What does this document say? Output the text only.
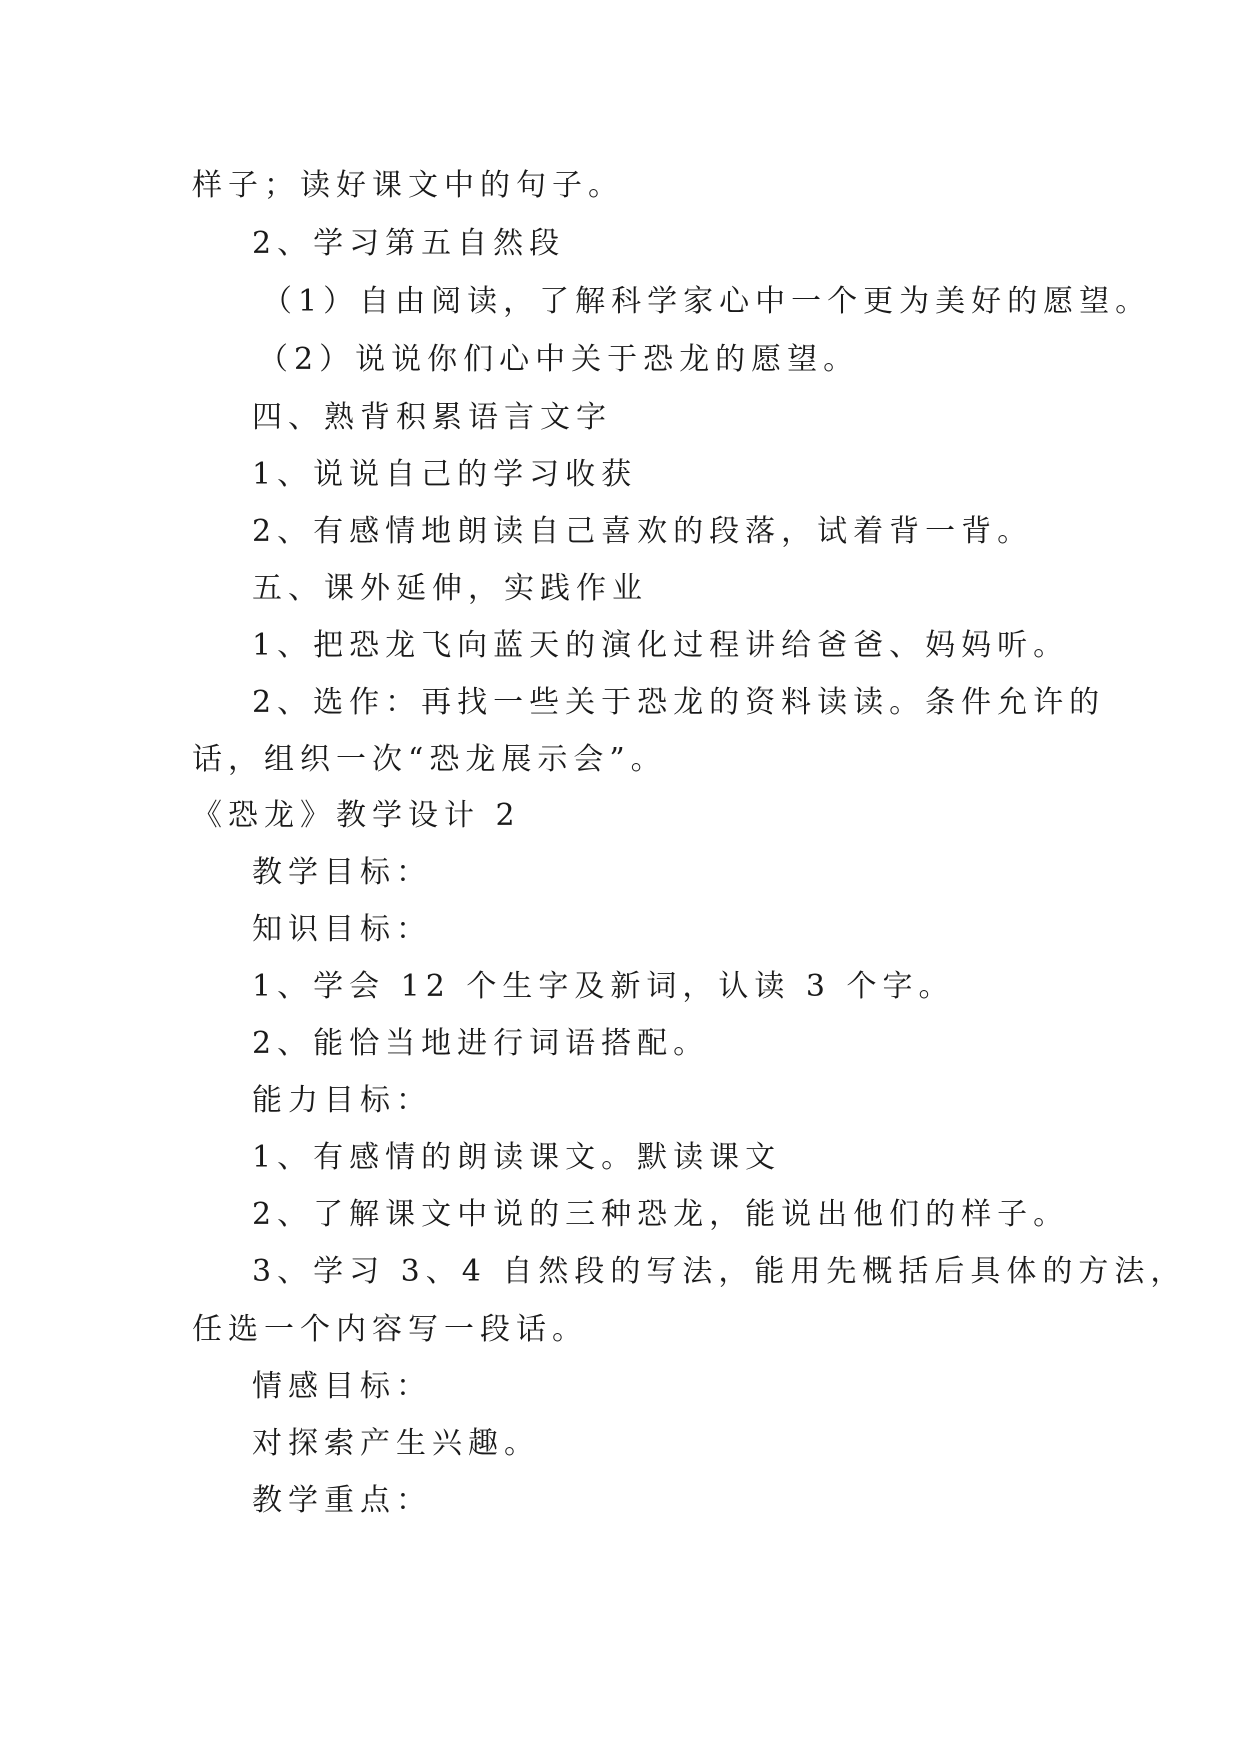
样子；读好课文中的句子。
2、学习第五自然段
（1）自由阅读，了解科学家心中一个更为美好的愿望。
（2）说说你们心中关于恐龙的愿望。
四、熟背积累语言文字
1、说说自己的学习收获
2、有感情地朗读自己喜欢的段落，试着背一背。
五、课外延伸，实践作业
1、把恐龙飞向蓝天的演化过程讲给爸爸、妈妈听。
2、选作：再找一些关于恐龙的资料读读。条件允许的
话，组织一次“恐龙展示会”。
《恐龙》教学设计 2
教学目标：
知识目标：
1、学会 12 个生字及新词，认读 3 个字。
2、能恰当地进行词语搭配。
能力目标：
1、有感情的朗读课文。默读课文
2、了解课文中说的三种恐龙，能说出他们的样子。
3、学习 3、4 自然段的写法，能用先概括后具体的方法，
任选一个内容写一段话。
情感目标：
对探索产生兴趣。
教学重点：
